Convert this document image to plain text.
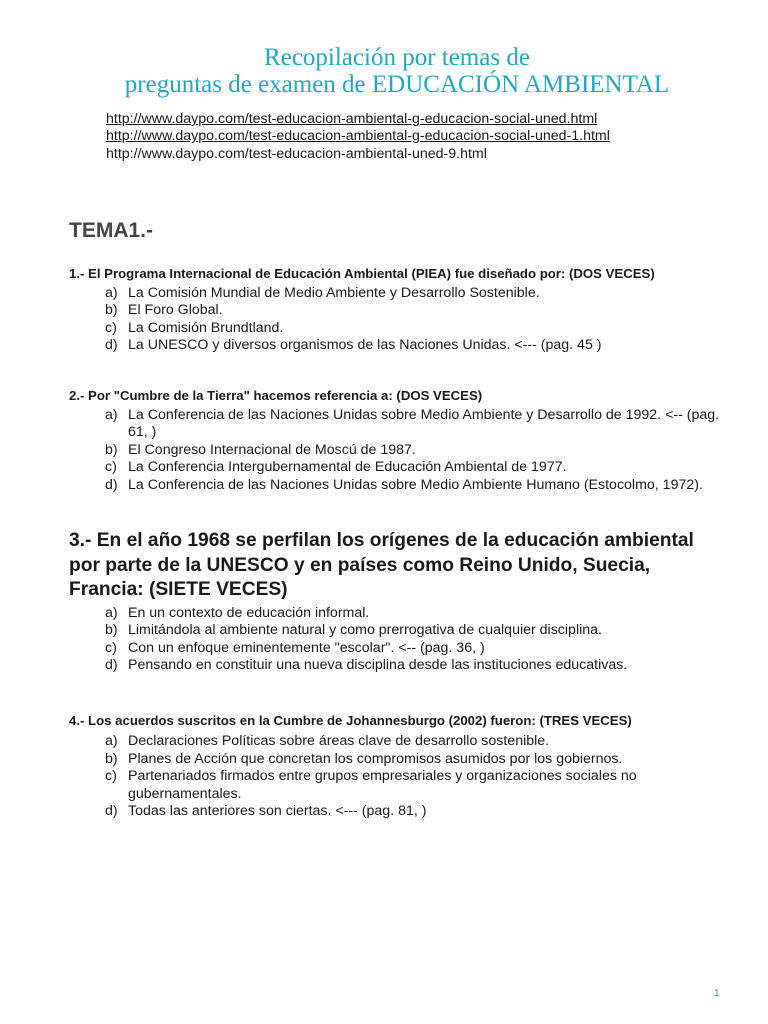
Recopilación por temas de
preguntas de examen de EDUCACIÓN AMBIENTAL
http://www.daypo.com/test-educacion-ambiental-g-educacion-social-uned.html
http://www.daypo.com/test-educacion-ambiental-g-educacion-social-uned-1.html
http://www.daypo.com/test-educacion-ambiental-uned-9.html
TEMA1.-
1.- El Programa Internacional de Educación Ambiental (PIEA) fue diseñado por: (DOS VECES)
a) La Comisión Mundial de Medio Ambiente y Desarrollo Sostenible.
b) El Foro Global.
c) La Comisión Brundtland.
d) La UNESCO y diversos organismos de las Naciones Unidas. <--- (pag. 45 )
2.- Por "Cumbre de la Tierra" hacemos referencia a: (DOS VECES)
a) La Conferencia de las Naciones Unidas sobre Medio Ambiente y Desarrollo de 1992. <-- (pag. 61, )
b) El Congreso Internacional de Moscú de 1987.
c) La Conferencia Intergubernamental de Educación Ambiental de 1977.
d) La Conferencia de las Naciones Unidas sobre Medio Ambiente Humano (Estocolmo, 1972).
3.- En el año 1968 se perfilan los orígenes de la educación ambiental por parte de la UNESCO y en países como Reino Unido, Suecia, Francia: (SIETE VECES)
a) En un contexto de educación informal.
b) Limitándola al ambiente natural y como prerrogativa de cualquier disciplina.
c) Con un enfoque eminentemente "escolar". <-- (pag. 36, )
d) Pensando en constituir una nueva disciplina desde las instituciones educativas.
4.- Los acuerdos suscritos en la Cumbre de Johannesburgo (2002) fueron: (TRES VECES)
a) Declaraciones Políticas sobre áreas clave de desarrollo sostenible.
b) Planes de Acción que concretan los compromisos asumidos por los gobiernos.
c) Partenariados firmados entre grupos empresariales y organizaciones sociales no gubernamentales.
d) Todas las anteriores son ciertas. <--- (pag. 81, )
1
